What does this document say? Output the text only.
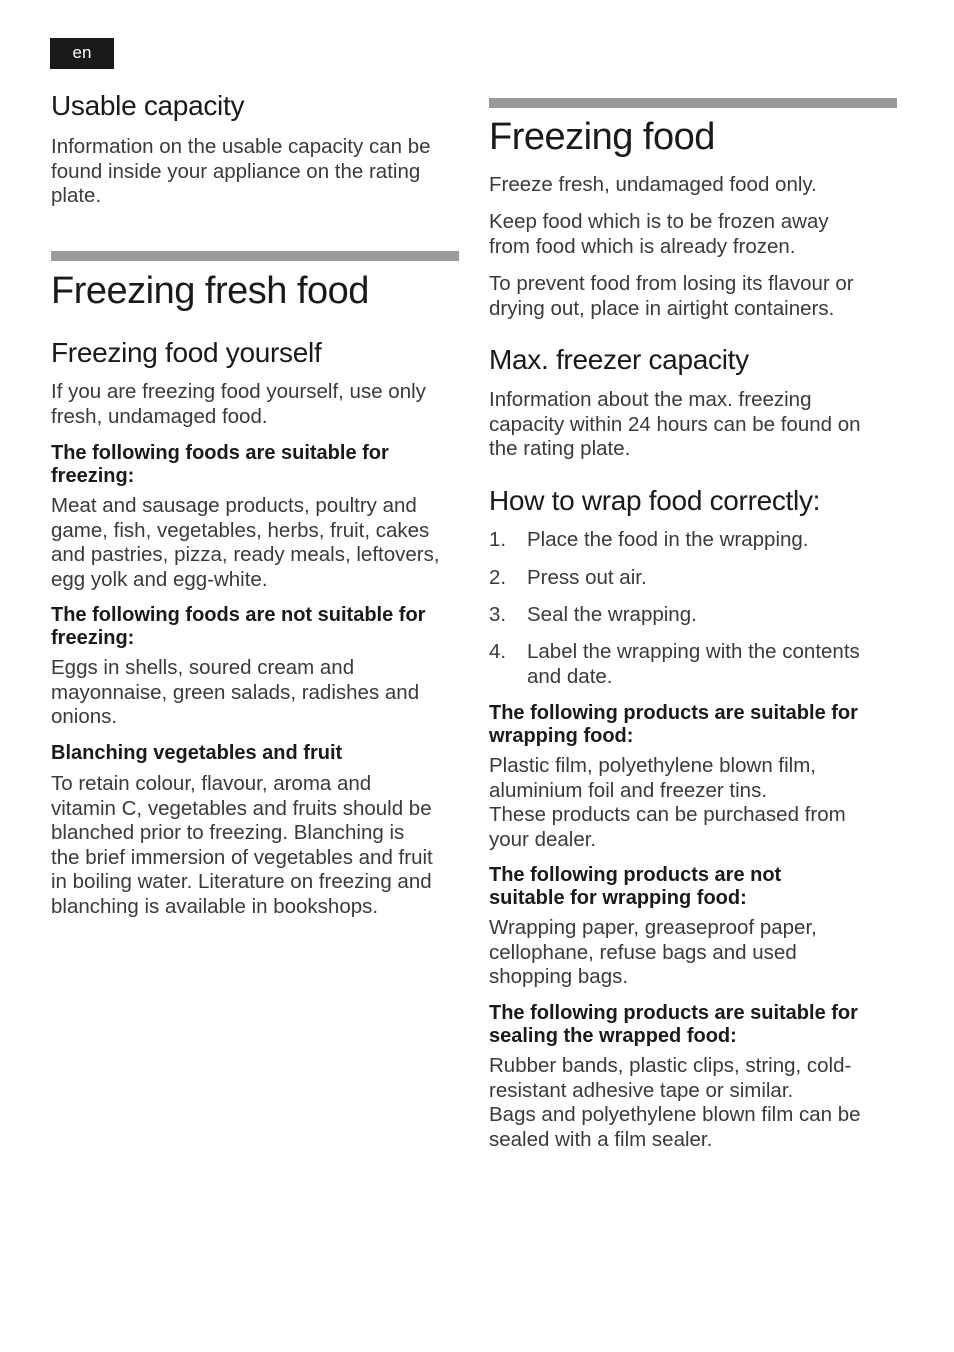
en
Usable capacity

Information on the usable capacity can be found inside your appliance on the rating plate.

Freezing fresh food
Freezing food yourself

If you are freezing food yourself, use only fresh, undamaged food.

The following foods are suitable for freezing:

Meat and sausage products, poultry and game, fish, vegetables, herbs, fruit, cakes and pastries, pizza, ready meals, leftovers, egg yolk and egg-white.

The following foods are not suitable for freezing:

Eggs in shells, soured cream and mayonnaise, green salads, radishes and onions.

Blanching vegetables and fruit

To retain colour, flavour, aroma and vitamin C, vegetables and fruits should be blanched prior to freezing. Blanching is the brief immersion of vegetables and fruit in boiling water. Literature on freezing and blanching is available in bookshops.

Freezing food

Freeze fresh, undamaged food only.

Keep food which is to be frozen away from food which is already frozen.

To prevent food from losing its flavour or drying out, place in airtight containers.

Max. freezer capacity

Information about the max. freezing capacity within 24 hours can be found on the rating plate.

How to wrap food correctly:
1. Place the food in the wrapping.
2. Press out air.
3. Seal the wrapping.
4. Label the wrapping with the contents and date.

The following products are suitable for wrapping food:

Plastic film, polyethylene blown film, aluminium foil and freezer tins.

These products can be purchased from your dealer.

The following products are not suitable for wrapping food:

Wrapping paper, greaseproof paper, cellophane, refuse bags and used shopping bags.

The following products are suitable for sealing the wrapped food:

Rubber bands, plastic clips, string, cold-resistant adhesive tape or similar.

Bags and polyethylene blown film can be sealed with a film sealer.
